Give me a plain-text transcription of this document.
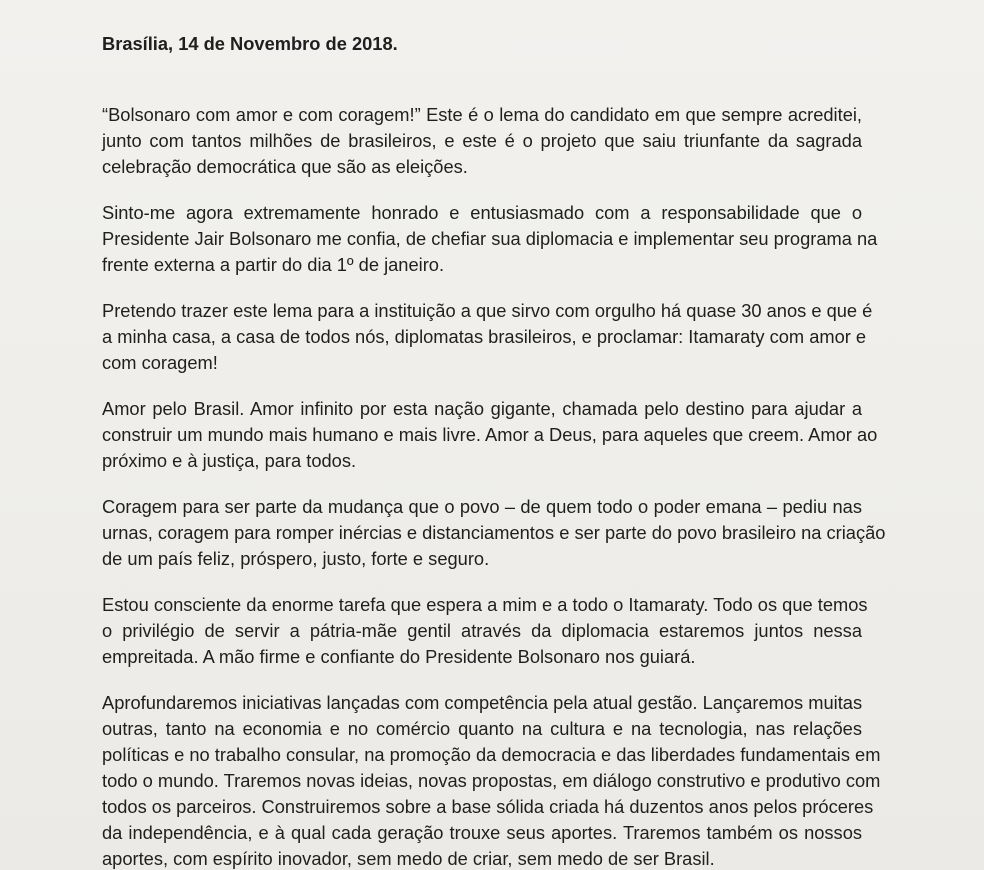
Brasília, 14 de Novembro de 2018.

“Bolsonaro com amor e com coragem!” Este é o lema do candidato em que sempre acreditei,
junto com tantos milhões de brasileiros, e este é o projeto que saiu triunfante da sagrada
celebração democrática que são as eleições.

Sinto-me agora extremamente honrado e entusiasmado com a responsabilidade que o
Presidente Jair Bolsonaro me confia, de chefiar sua diplomacia e implementar seu programa na
frente externa a partir do dia 1º de janeiro.

Pretendo trazer este lema para a instituição a que sirvo com orgulho há quase 30 anos e que é
a minha casa, a casa de todos nós, diplomatas brasileiros, e proclamar: Itamaraty com amor e
com coragem!

Amor pelo Brasil. Amor infinito por esta nação gigante, chamada pelo destino para ajudar a
construir um mundo mais humano e mais livre. Amor a Deus, para aqueles que creem. Amor ao
próximo e à justiça, para todos.

Coragem para ser parte da mudança que o povo – de quem todo o poder emana – pediu nas
urnas, coragem para romper inércias e distanciamentos e ser parte do povo brasileiro na criação
de um país feliz, próspero, justo, forte e seguro.

Estou consciente da enorme tarefa que espera a mim e a todo o Itamaraty. Todo os que temos
o privilégio de servir a pátria-mãe gentil através da diplomacia estaremos juntos nessa
empreitada. A mão firme e confiante do Presidente Bolsonaro nos guiará.

Aprofundaremos iniciativas lançadas com competência pela atual gestão. Lançaremos muitas
outras, tanto na economia e no comércio quanto na cultura e na tecnologia, nas relações
políticas e no trabalho consular, na promoção da democracia e das liberdades fundamentais em
todo o mundo. Traremos novas ideias, novas propostas, em diálogo construtivo e produtivo com
todos os parceiros. Construiremos sobre a base sólida criada há duzentos anos pelos próceres
da independência, e à qual cada geração trouxe seus aportes. Traremos também os nossos
aportes, com espírito inovador, sem medo de criar, sem medo de ser Brasil.
